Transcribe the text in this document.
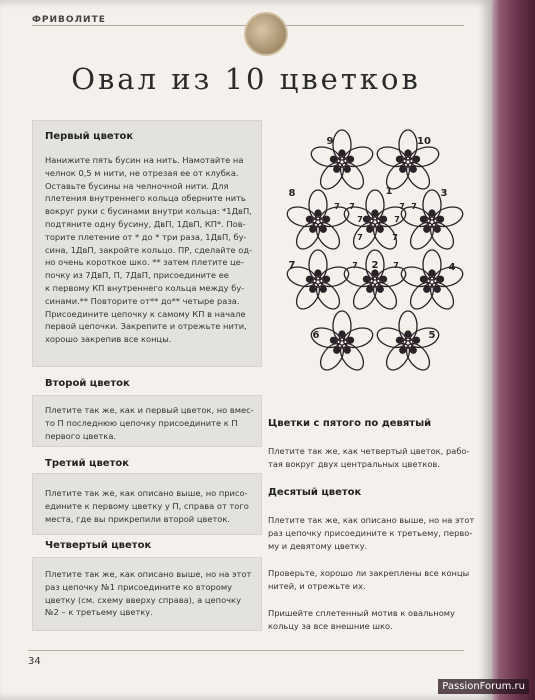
ФРИВОЛИТЕ
Овал из 10 цветков
Первый цветок
Нанижите пять бусин на нить. Намотайте на
челнок 0,5 м нити, не отрезая ее от клубка.
Оставьте бусины на челночной нити. Для
плетения внутреннего кольца оберните нить
вокруг руки с бусинами внутри кольца: *1ДвП,
подтяните одну бусину, ДвП, 1ДвП, КП*. Пов-
торите плетение от * до * три раза, 1ДвП, бу-
сина, 1ДвП, закройте кольцо. ПР, сделайте од-
но очень короткое шко. ** затем плетите це-
почку из 7ДвП, П, 7ДвП, присоедините ее
к первому КП внутреннего кольца между бу-
синами.** Повторите от** до** четыре раза.
Присоедините цепочку к самому КП в начале
первой цепочки. Закрепите и отрежьте нити,
хорошо закрепив все концы.
Второй цветок
Плетите так же, как и первый цветок, но вмес-
то П последнюю цепочку присоедините к П
первого цветка.
Третий цветок
Плетите так же, как описано выше, но присо-
едините к первому цветку у П, справа от того
места, где вы прикрепили второй цветок.
Четвертый цветок
Плетите так же, как описано выше, но на этот
раз цепочку №1 присоедините ко второму
цветку (см. схему вверху справа), а цепочку
№2 – к третьему цветку.
Цветки с пятого по девятый
Плетите так же, как четвертый цветок, рабо-
тая вокруг двух центральных цветков.
Десятый цветок
Плетите так же, как описано выше, но на этот
раз цепочку присоедините к третьему, перво-
му и девятому цветку.
Проверьте, хорошо ли закреплены все концы
нитей, и отрежьте их.
Пришейте сплетенный мотив к овальному
кольцу за все внешние шко.
1
2
3
4
5
6
7
8
9	10
7
7	7
7
7	7
7	7
7	7
34
PassionForum.ru
